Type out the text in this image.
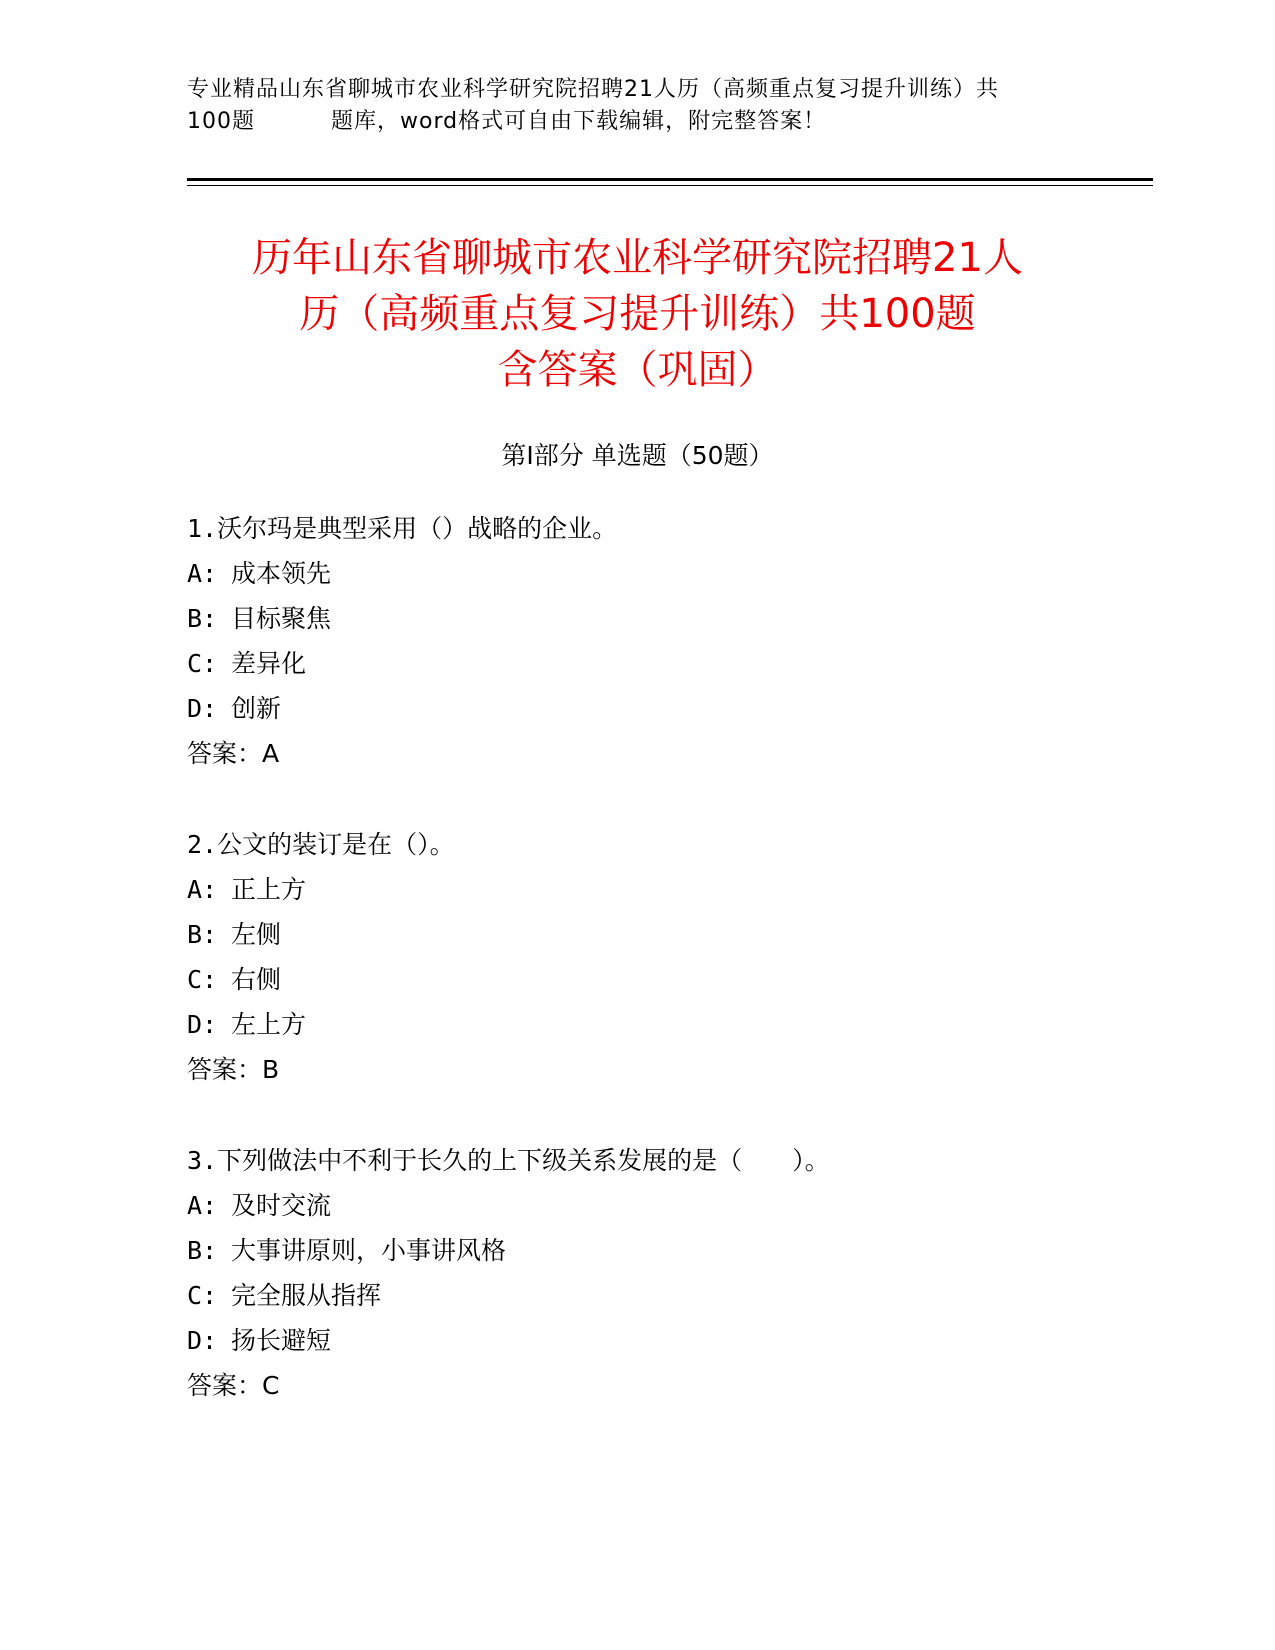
专业精品山东省聊城市农业科学研究院招聘21人历（高频重点复习提升训练）共
100题	题库，word格式可自由下载编辑，附完整答案！
历年山东省聊城市农业科学研究院招聘21人
历（高频重点复习提升训练）共100题
含答案（巩固）
第I部分 单选题（50题）
1.沃尔玛是典型采用（）战略的企业。
A: 成本领先
B: 目标聚焦
C: 差异化
D: 创新
答案：A
2.公文的装订是在（）。
A: 正上方
B: 左侧
C: 右侧
D: 左上方
答案：B
3.下列做法中不利于长久的上下级关系发展的是（　　）。
A: 及时交流
B: 大事讲原则，小事讲风格
C: 完全服从指挥
D: 扬长避短
答案：C
